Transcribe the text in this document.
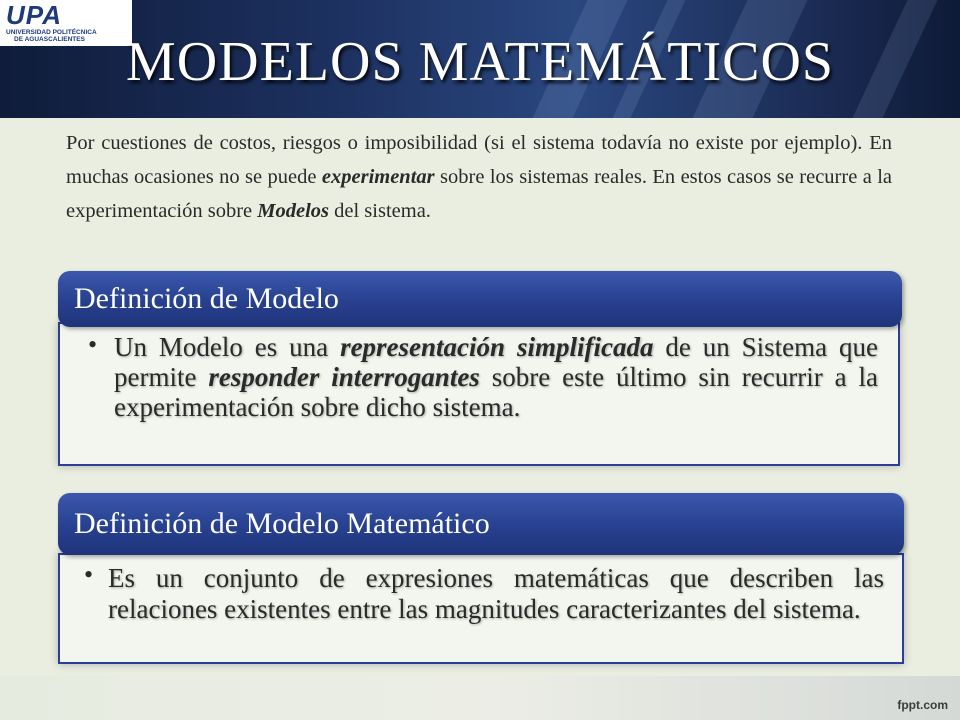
UPA
UNIVERSIDAD POLITÉCNICA
DE AGUASCALIENTES MODELOS MATEMÁTICOS

Por cuestiones de costos, riesgos o imposibilidad (si el sistema todavía no existe por ejemplo). En muchas ocasiones no se puede experimentar sobre los sistemas reales. En estos casos se recurre a la experimentación sobre Modelos del sistema.

Definición de Modelo
• Un Modelo es una representación simplificada de un Sistema que permite responder interrogantes sobre este último sin recurrir a la experimentación sobre dicho sistema.
Definición de Modelo Matemático
• Es un conjunto de expresiones matemáticas que describen las relaciones existentes entre las magnitudes caracterizantes del sistema.
fppt.com
